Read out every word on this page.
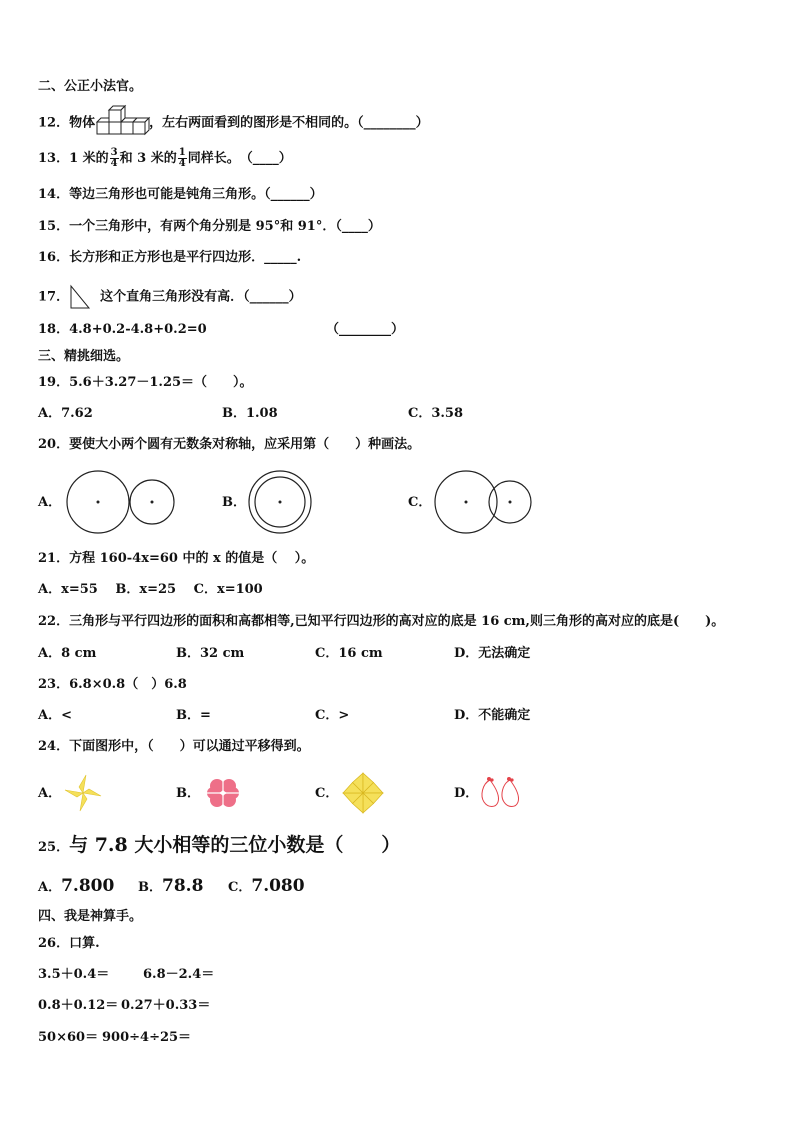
二、公正小法官。
12．物体	，左右两面看到的图形是不相同的。（________）
13．1 米的 $\frac{3}{4}$ 和 3 米的 $\frac{1}{4}$ 同样长。　（____）
14．等边三角形也可能是钝角三角形。（______）
15．一个三角形中，有两个角分别是 95°和 91°．（____）
16．长方形和正方形也是平行四边形．_____.
17． 这个直角三角形没有高．（______）
18．4.8+0.2-4.8+0.2=0	（________）
三、精挑细选。
19．5.6＋3.27－1.25＝（　　）。
A．7.62	B．1.08	C．3.58
20．要使大小两个圆有无数条对称轴，应采用第（　　）种画法。
A．	B．	C．
21．方程 160-4x=60 中的 x 的值是（　 ）。
A．x=55　 B．x=25　 C．x=100
22．三角形与平行四边形的面积和高都相等,已知平行四边形的高对应的底是 16 cm,则三角形的高对应的底是(　　)。
A．8 cm	B．32 cm	C．16 cm	D．无法确定
23．6.8×0.8（　）6.8
A．<	B．=	C．>	D．不能确定
24．下面图形中，（　　）可以通过平移得到。
A．	B．	C．	D．
25．与 7.8 大小相等的三位小数是（　　）
A．7.800 B．78.8 C．7.080
四、我是神算手。
26．口算.
3.5＋0.4＝	6.8－2.4＝
0.8＋0.12＝ 0.27＋0.33＝
50×60＝ 900÷4÷25＝
